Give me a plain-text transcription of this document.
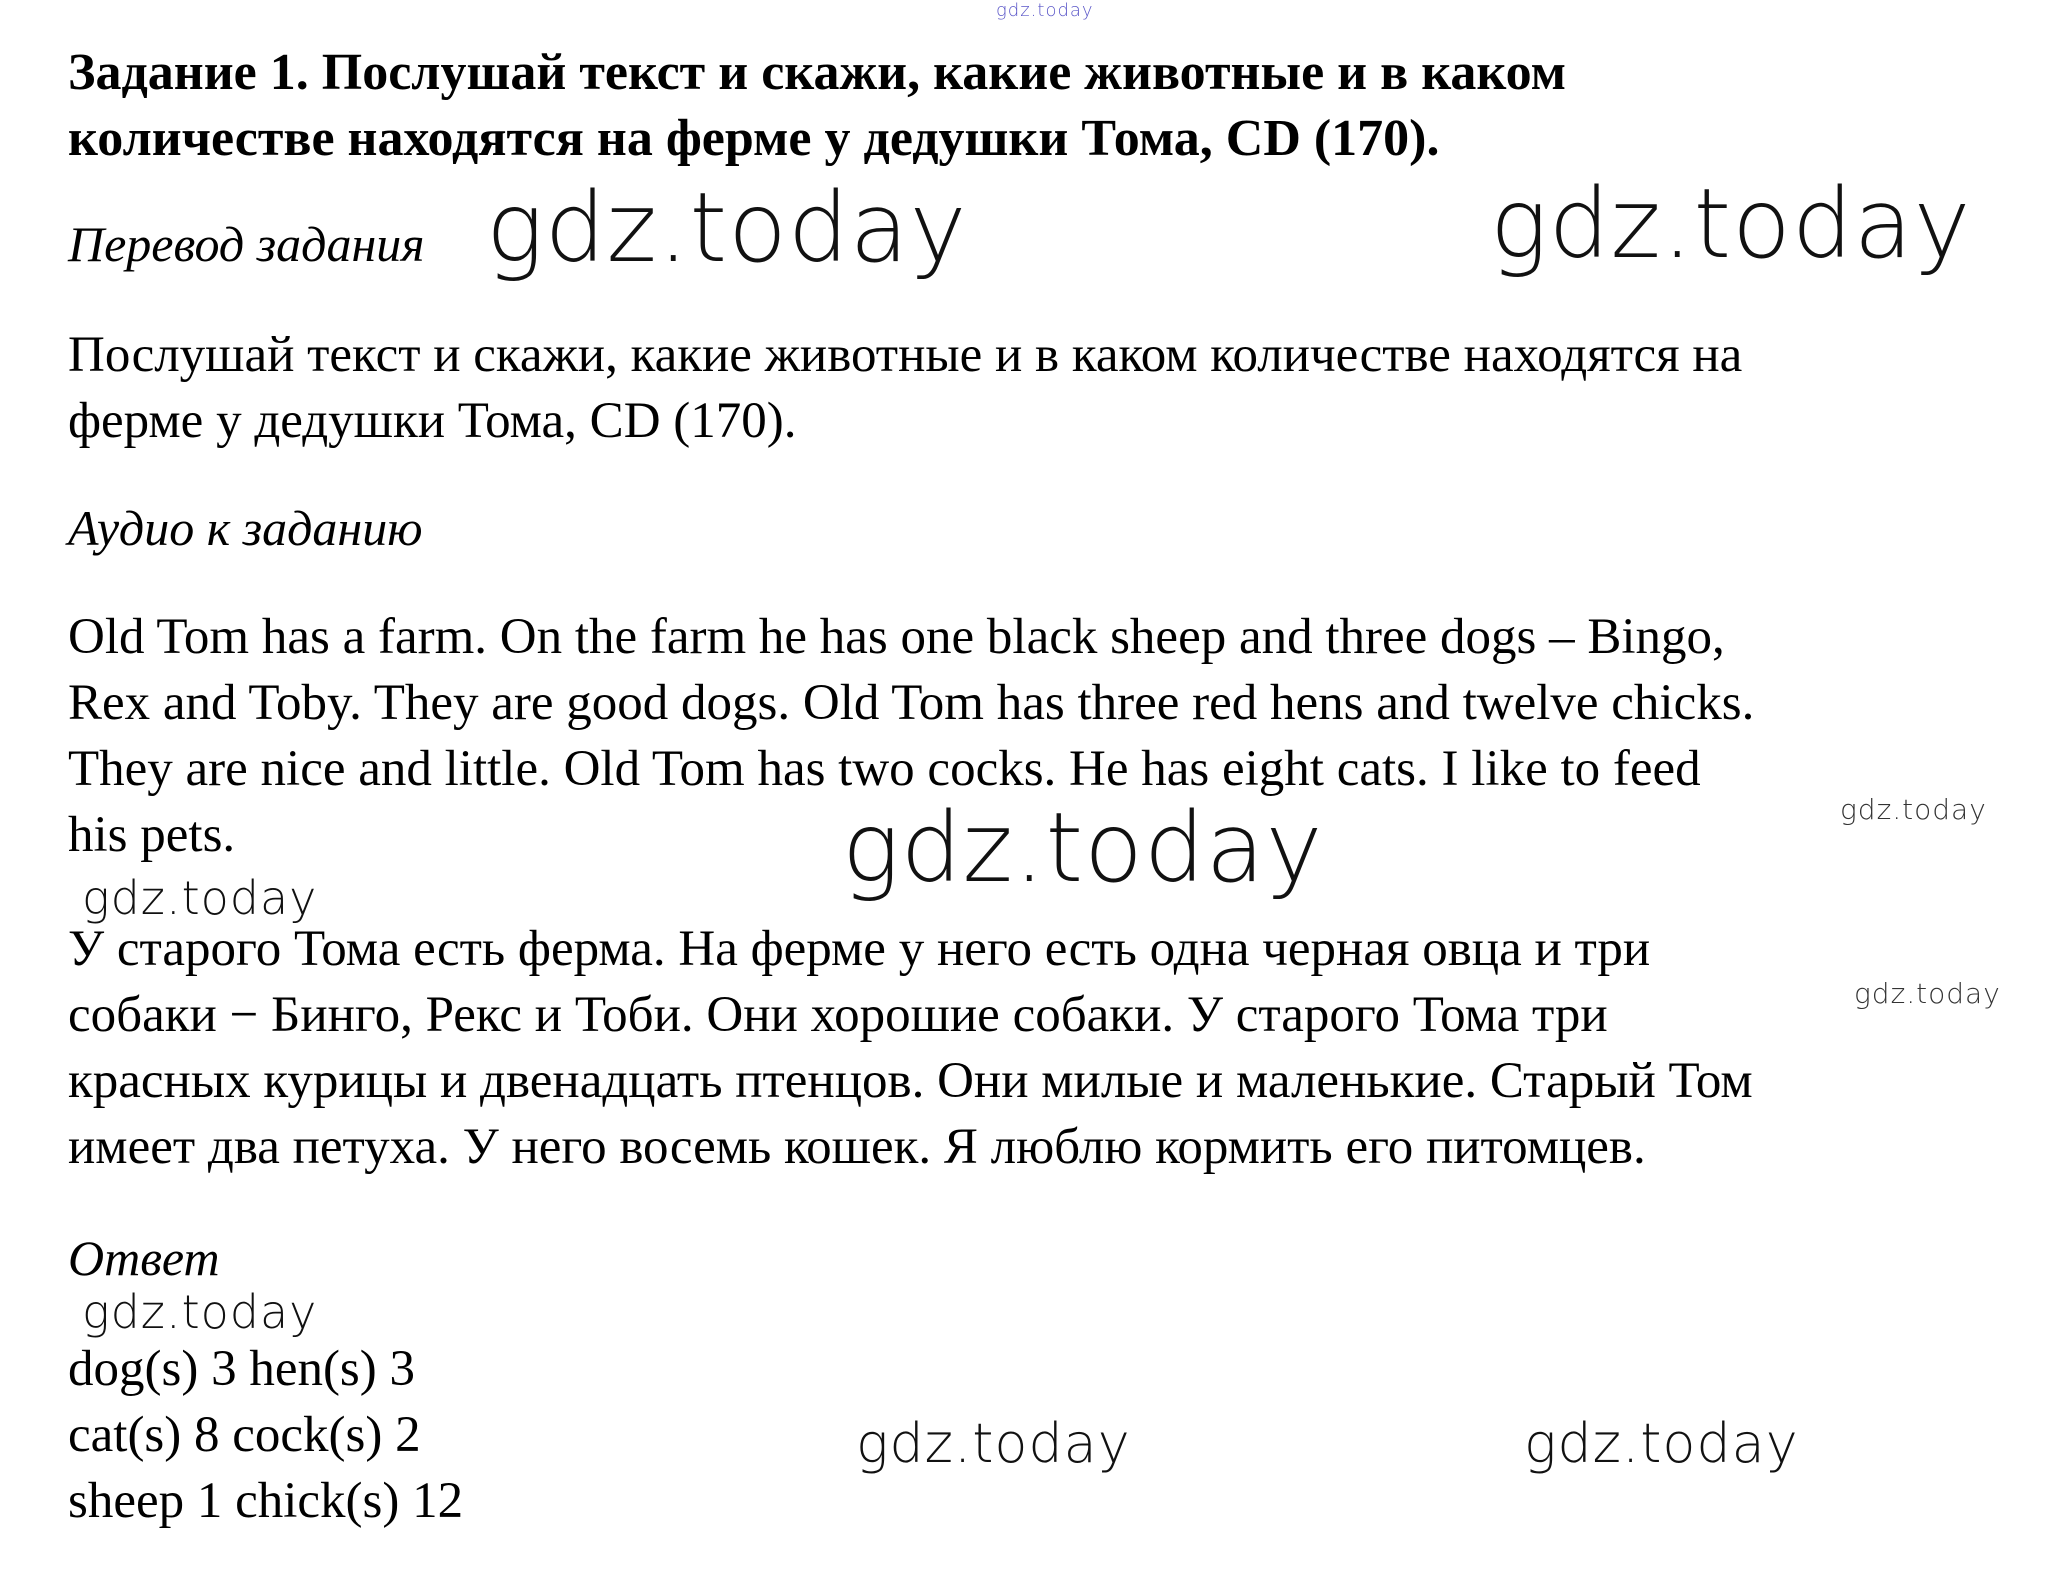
Задание 1. Послушай текст и скажи, какие животные и в каком
количестве находятся на ферме у дедушки Тома, CD (170).
Перевод задания
Послушай текст и скажи, какие животные и в каком количестве находятся на
ферме у дедушки Тома, CD (170).
Аудио к заданию
Old Tom has a farm. On the farm he has one black sheep and three dogs – Bingo,
Rex and Toby. They are good dogs. Old Tom has three red hens and twelve chicks.
They are nice and little. Old Tom has two cocks. He has eight cats. I like to feed
his pets.
У старого Тома есть ферма. На ферме у него есть одна черная овца и три
собаки − Бинго, Рекс и Тоби. Они хорошие собаки. У старого Тома три
красных курицы и двенадцать птенцов. Они милые и маленькие. Старый Том
имеет два петуха. У него восемь кошек. Я люблю кормить его питомцев.
Ответ
dog(s) 3 hen(s) 3
cat(s) 8 cock(s) 2
sheep 1 chick(s) 12
gdz.today
gdz.today	gdz.today
gdz.today
gdz.today
gdz.today
gdz.today
gdz.today
gdz.today	gdz.today
